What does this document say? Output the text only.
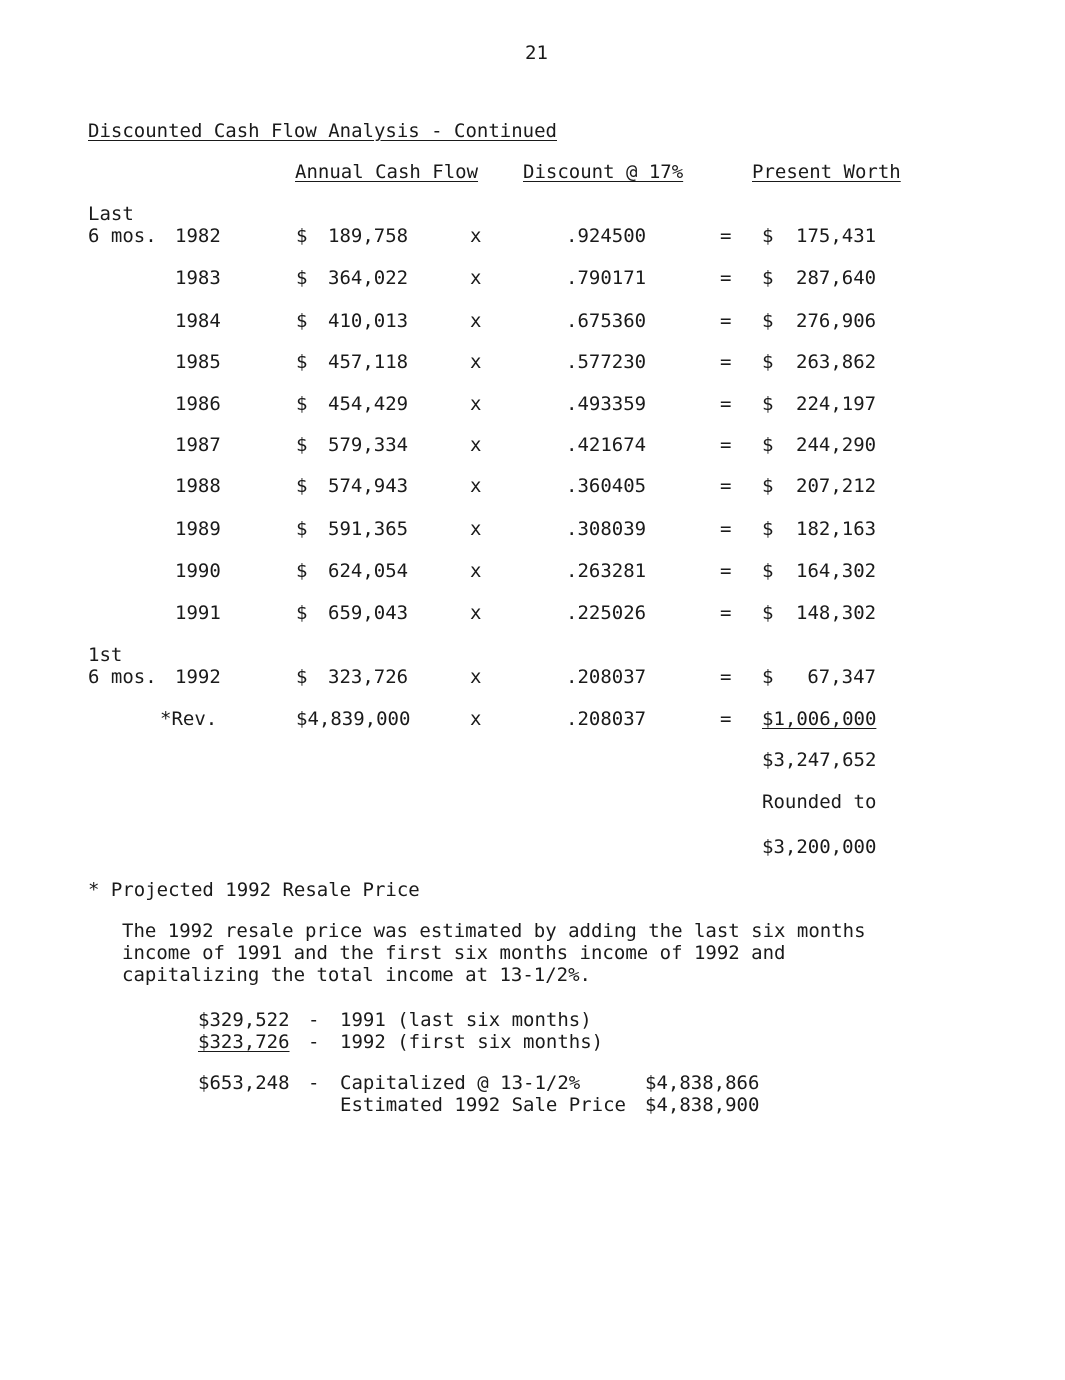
21
Discounted Cash Flow Analysis - Continued
Annual Cash Flow Discount @ 17%	Present Worth
Last
6 mos. 1982	$ 189,758	x	.924500	= $ 175,431
1983	$ 364,022	x	.790171	= $ 287,640
1984	$ 410,013	x	.675360	= $ 276,906
1985	$ 457,118	x	.577230	= $ 263,862
1986	$ 454,429	x	.493359	= $ 224,197
1987	$ 579,334	x	.421674	= $ 244,290
1988	$ 574,943	x	.360405	= $ 207,212
1989	$ 591,365	x	.308039	= $ 182,163
1990	$ 624,054	x	.263281	= $ 164,302
1991	$ 659,043	x	.225026	= $ 148,302
1st
6 mos. 1992	$ 323,726	x	.208037	= $	67,347
*Rev.	$4,839,000	x	.208037	= $1,006,000
$3,247,652
Rounded to
$3,200,000
* Projected 1992 Resale Price
The 1992 resale price was estimated by adding the last six months income of 1991 and the first six months income of 1992 and capitalizing the total income at 13-1/2%.
$329,522 - 1991 (last six months)
$323,726 - 1992 (first six months)
$653,248 - Capitalized @ 13-1/2%	$4,838,866
Estimated 1992 Sale Price $4,838,900
